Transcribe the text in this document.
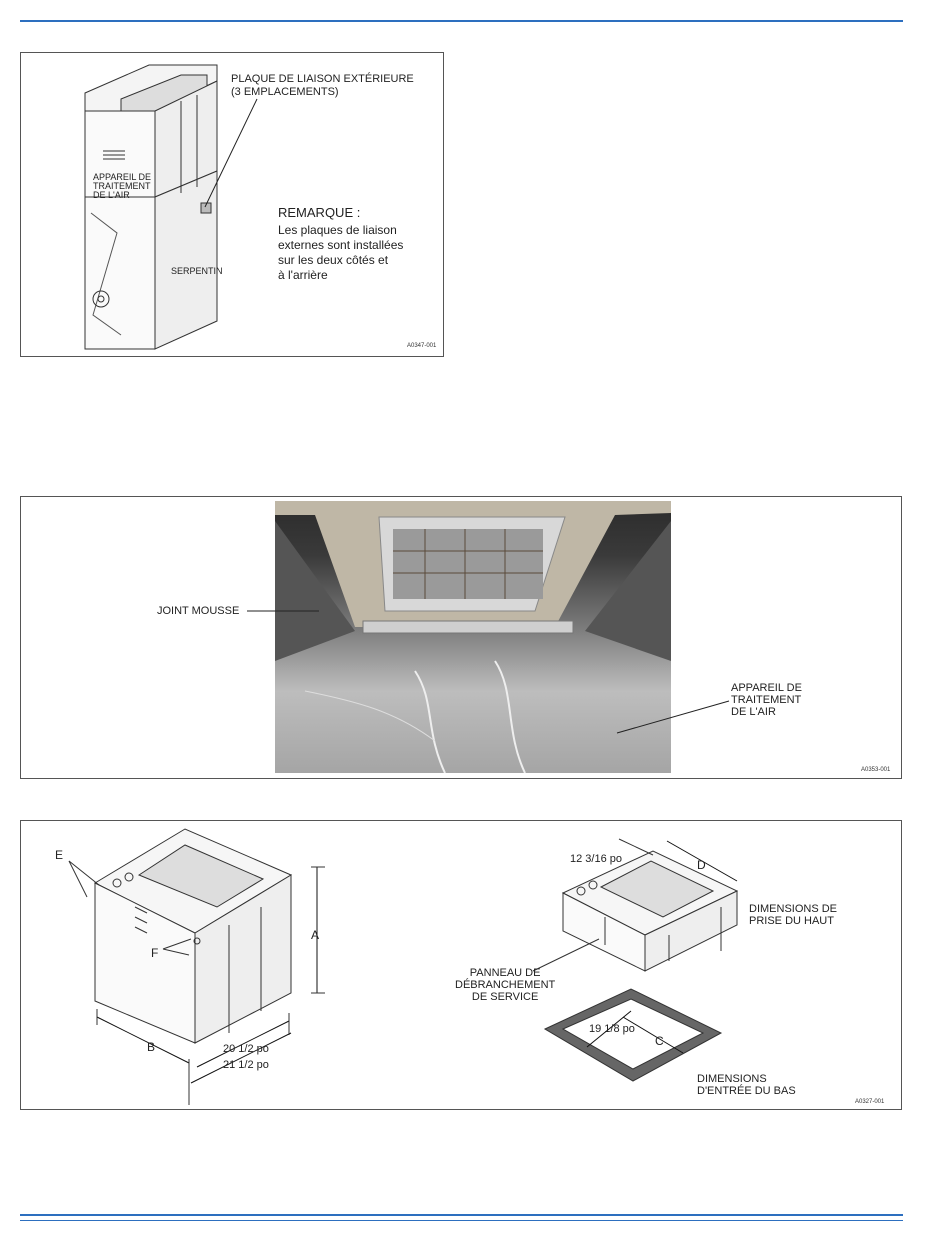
PLAQUE DE LIAISON EXTÉRIEURE
(3 EMPLACEMENTS)
APPAREIL DE
TRAITEMENT
DE L'AIR
SERPENTIN
REMARQUE :
Les plaques de liaison
externes sont installées
sur les deux côtés et
à l'arrière
A0347-001
JOINT MOUSSE
APPAREIL DE
TRAITEMENT
DE L'AIR
A0353-001
E
F
A
B	20 1/2 po
21 1/2 po
12 3/16 po	D
DIMENSIONS DE
PRISE DU HAUT
PANNEAU DE
DÉBRANCHEMENT
DE SERVICE
19 1/8 po
C
DIMENSIONS
D'ENTRÉE DU BAS
A0327-001
